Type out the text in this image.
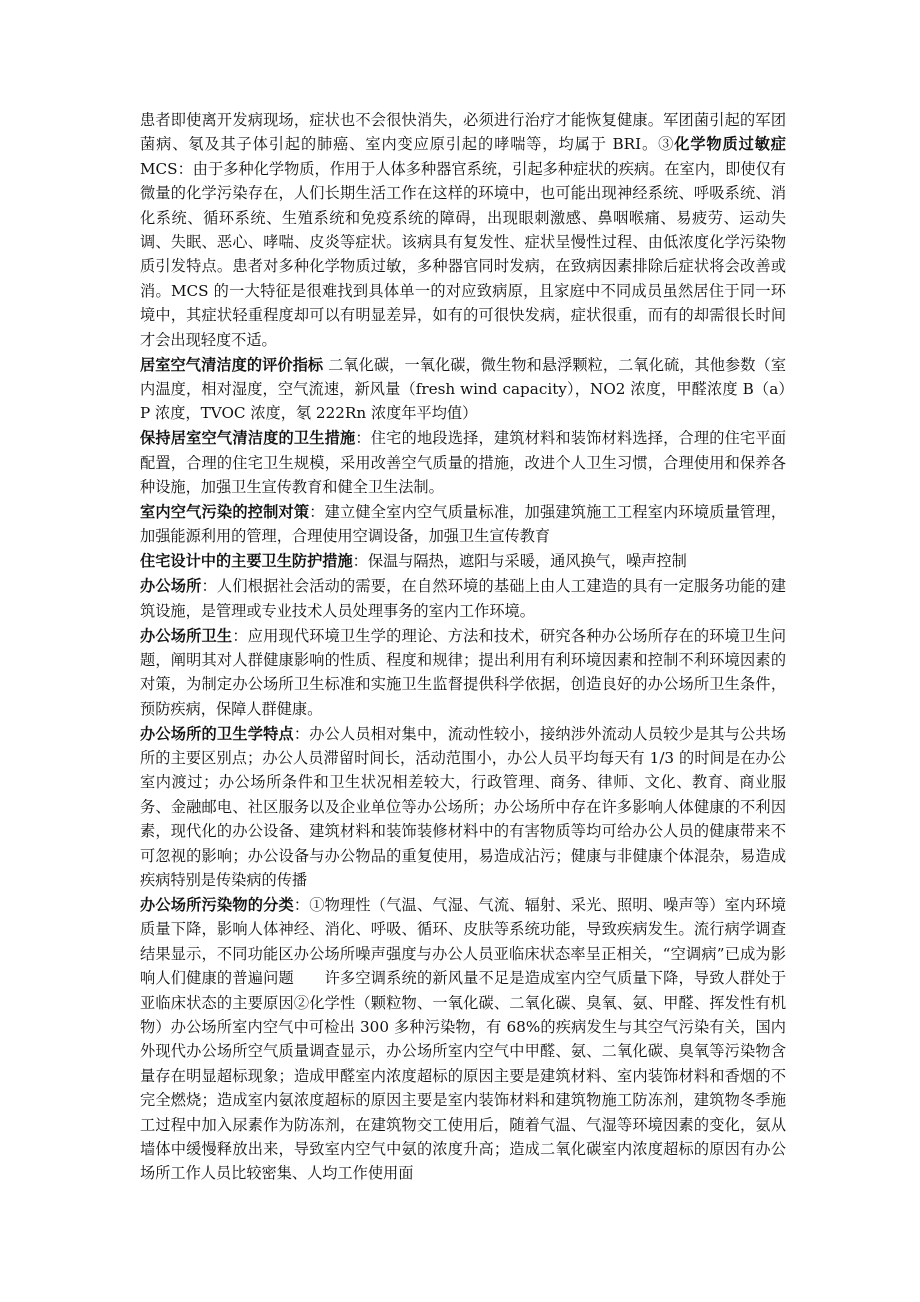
患者即使离开发病现场，症状也不会很快消失，必须进行治疗才能恢复健康。军团菌引起的军团菌病、氡及其子体引起的肺癌、室内变应原引起的哮喘等，均属于 BRI。③化学物质过敏症 MCS：由于多种化学物质，作用于人体多种器官系统，引起多种症状的疾病。在室内，即使仅有微量的化学污染存在，人们长期生活工作在这样的环境中，也可能出现神经系统、呼吸系统、消化系统、循环系统、生殖系统和免疫系统的障碍，出现眼刺激感、鼻咽喉痛、易疲劳、运动失调、失眠、恶心、哮喘、皮炎等症状。该病具有复发性、症状呈慢性过程、由低浓度化学污染物质引发特点。患者对多种化学物质过敏，多种器官同时发病，在致病因素排除后症状将会改善或消。MCS 的一大特征是很难找到具体单一的对应致病原，且家庭中不同成员虽然居住于同一环境中，其症状轻重程度却可以有明显差异，如有的可很快发病，症状很重，而有的却需很长时间才会出现轻度不适。

居室空气清洁度的评价指标 二氧化碳，一氧化碳，微生物和悬浮颗粒，二氧化硫，其他参数（室内温度，相对湿度，空气流速，新风量（fresh wind capacity），NO2 浓度，甲醛浓度 B（a）P 浓度，TVOC 浓度，氡 222Rn 浓度年平均值）

保持居室空气清洁度的卫生措施：住宅的地段选择，建筑材料和装饰材料选择，合理的住宅平面配置，合理的住宅卫生规模，采用改善空气质量的措施，改进个人卫生习惯，合理使用和保养各种设施，加强卫生宣传教育和健全卫生法制。

室内空气污染的控制对策：建立健全室内空气质量标准，加强建筑施工工程室内环境质量管理，加强能源利用的管理，合理使用空调设备，加强卫生宣传教育

住宅设计中的主要卫生防护措施：保温与隔热，遮阳与采暖，通风换气，噪声控制

办公场所：人们根据社会活动的需要，在自然环境的基础上由人工建造的具有一定服务功能的建筑设施，是管理或专业技术人员处理事务的室内工作环境。

办公场所卫生：应用现代环境卫生学的理论、方法和技术，研究各种办公场所存在的环境卫生问题，阐明其对人群健康影响的性质、程度和规律；提出利用有利环境因素和控制不利环境因素的对策，为制定办公场所卫生标准和实施卫生监督提供科学依据，创造良好的办公场所卫生条件，预防疾病，保障人群健康。

办公场所的卫生学特点：办公人员相对集中，流动性较小，接纳涉外流动人员较少是其与公共场所的主要区别点；办公人员滞留时间长，活动范围小，办公人员平均每天有 1/3 的时间是在办公室内渡过；办公场所条件和卫生状况相差较大，行政管理、商务、律师、文化、教育、商业服务、金融邮电、社区服务以及企业单位等办公场所；办公场所中存在许多影响人体健康的不利因素，现代化的办公设备、建筑材料和装饰装修材料中的有害物质等均可给办公人员的健康带来不可忽视的影响；办公设备与办公物品的重复使用，易造成沾污；健康与非健康个体混杂，易造成疾病特别是传染病的传播

办公场所污染物的分类：①物理性（气温、气湿、气流、辐射、采光、照明、噪声等）室内环境质量下降，影响人体神经、消化、呼吸、循环、皮肤等系统功能，导致疾病发生。流行病学调查结果显示，不同功能区办公场所噪声强度与办公人员亚临床状态率呈正相关，“空调病”已成为影响人们健康的普遍问题　　许多空调系统的新风量不足是造成室内空气质量下降，导致人群处于亚临床状态的主要原因②化学性（颗粒物、一氧化碳、二氧化碳、臭氧、氨、甲醛、挥发性有机物）办公场所室内空气中可检出 300 多种污染物，有 68%的疾病发生与其空气污染有关，国内外现代办公场所空气质量调查显示，办公场所室内空气中甲醛、氨、二氧化碳、臭氧等污染物含量存在明显超标现象；造成甲醛室内浓度超标的原因主要是建筑材料、室内装饰材料和香烟的不完全燃烧；造成室内氨浓度超标的原因主要是室内装饰材料和建筑物施工防冻剂，建筑物冬季施工过程中加入尿素作为防冻剂，在建筑物交工使用后，随着气温、气湿等环境因素的变化，氨从墙体中缓慢释放出来，导致室内空气中氨的浓度升高；造成二氧化碳室内浓度超标的原因有办公场所工作人员比较密集、人均工作使用面
